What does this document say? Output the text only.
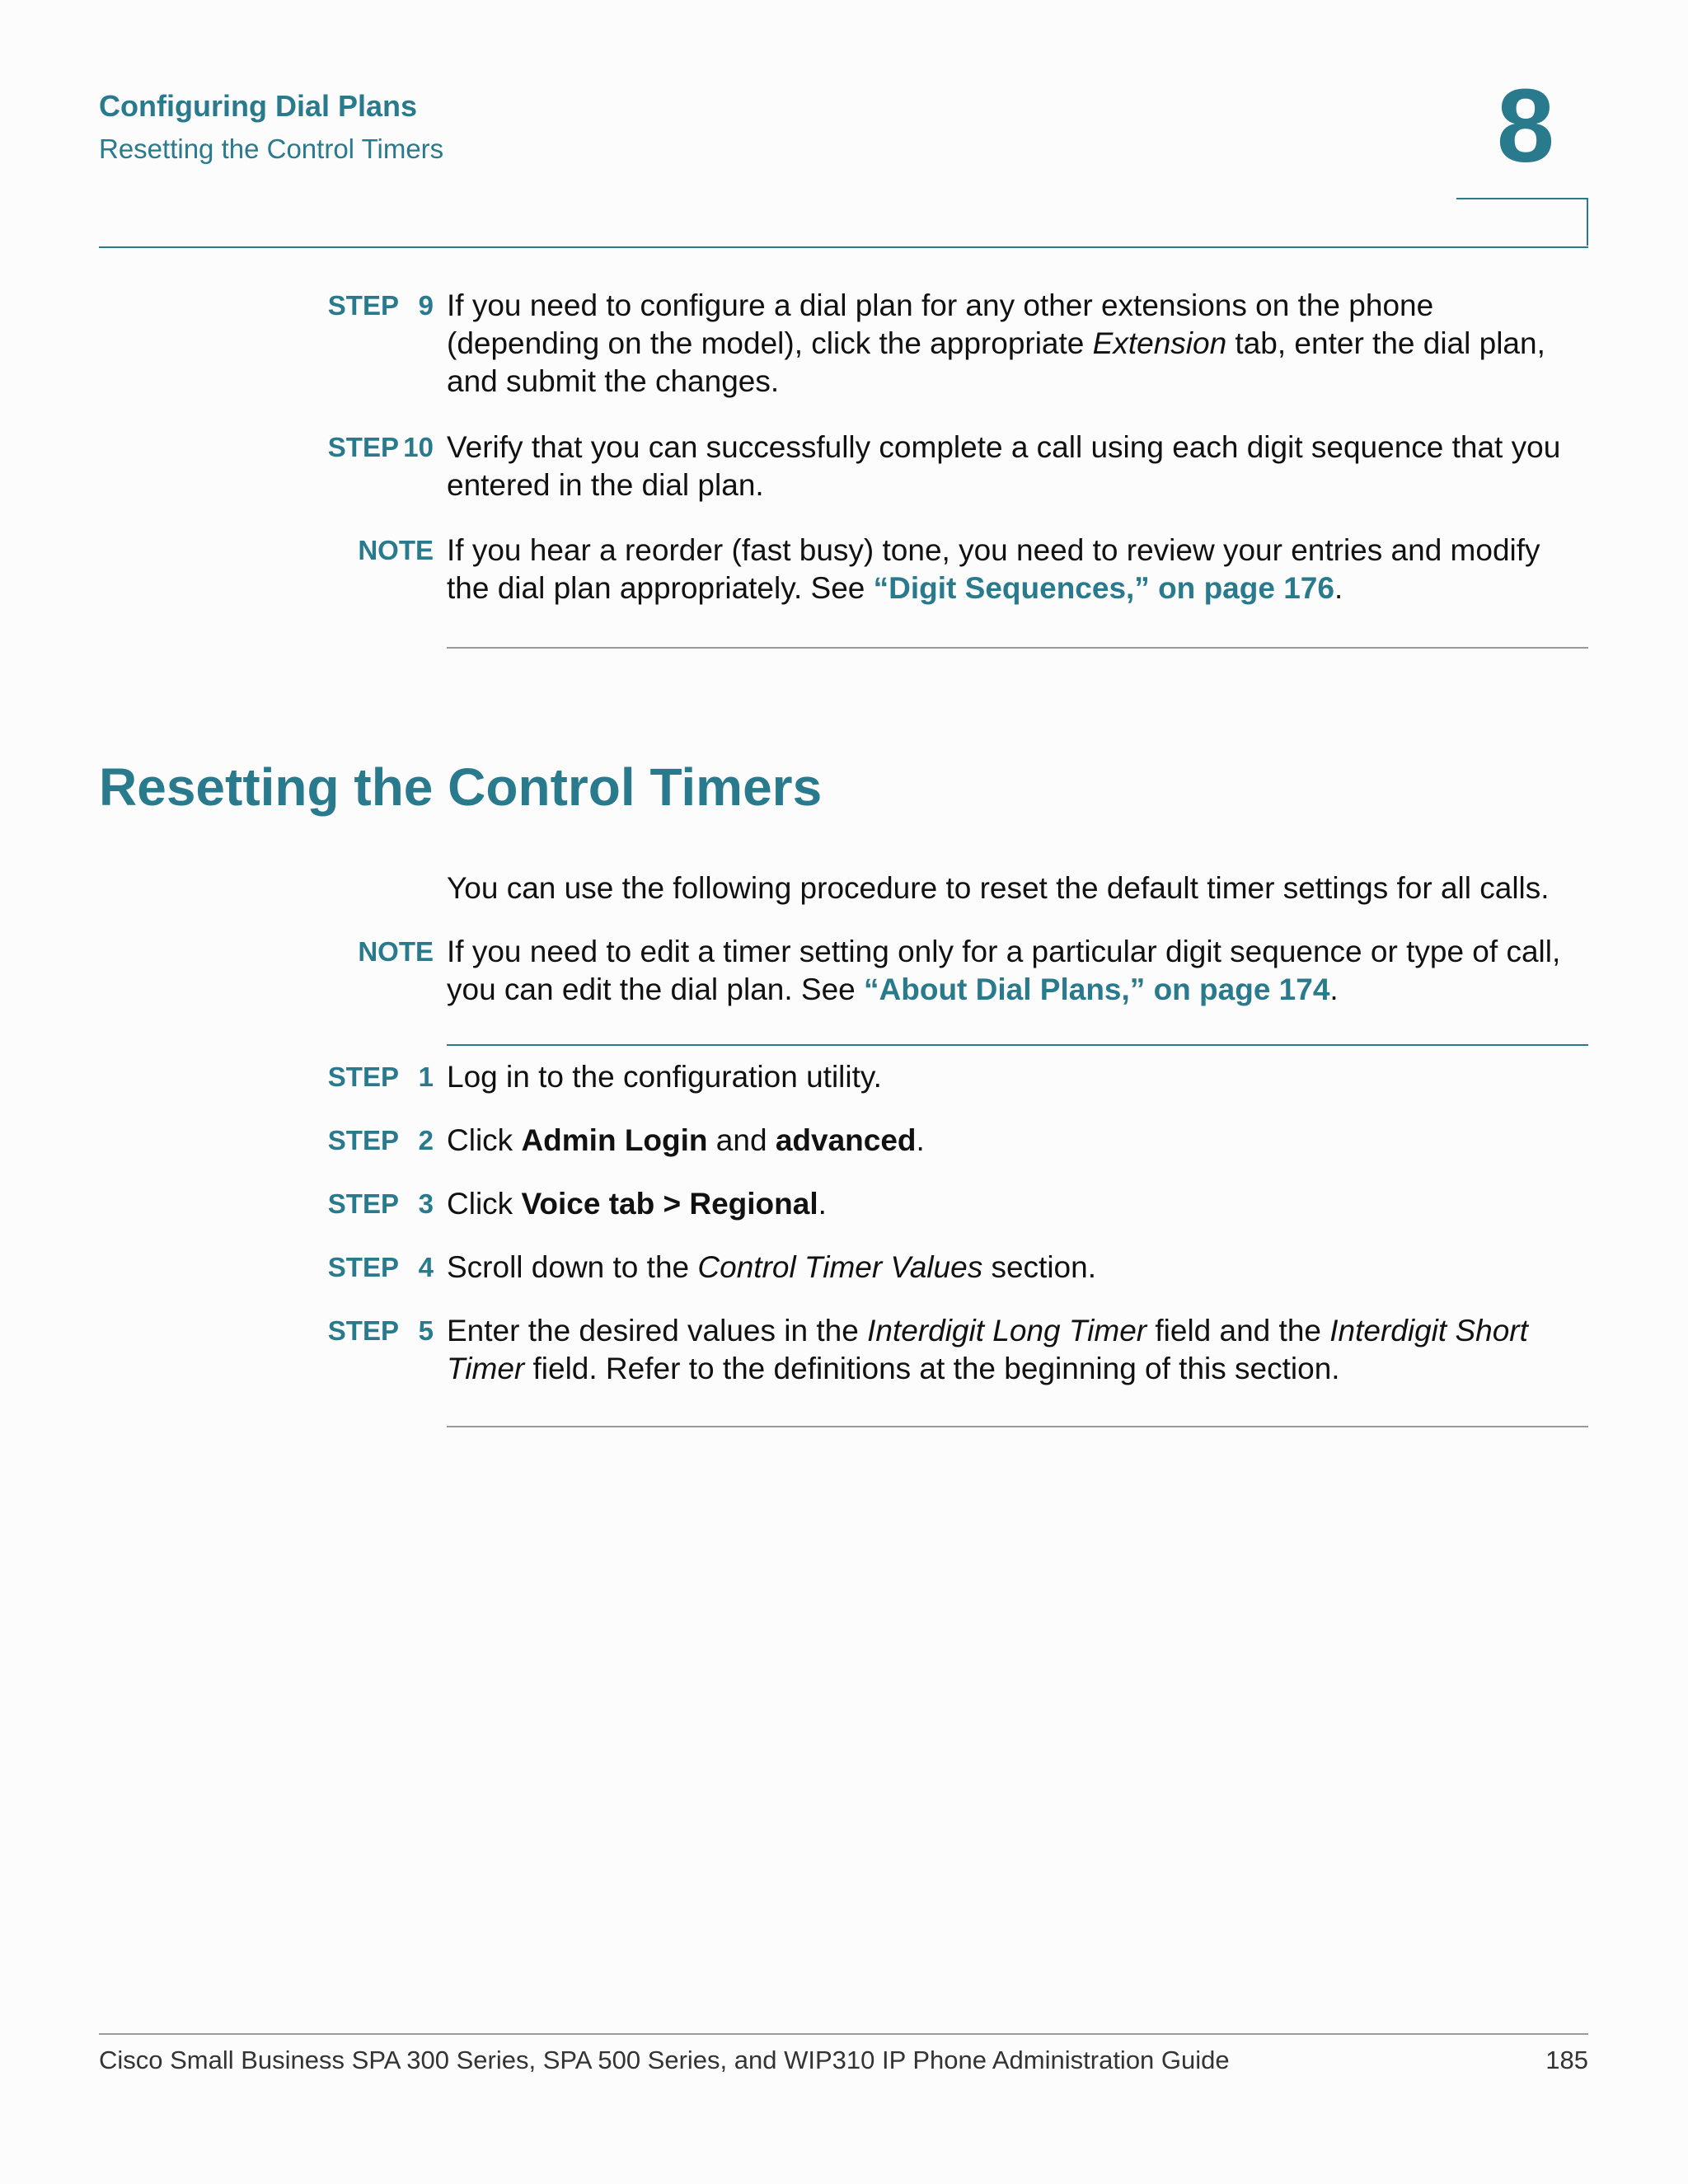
Configuring Dial Plans
Resetting the Control Timers	8
STEP 9 If you need to configure a dial plan for any other extensions on the phone (depending on the model), click the appropriate Extension tab, enter the dial plan, and submit the changes.
STEP 10 Verify that you can successfully complete a call using each digit sequence that you entered in the dial plan.
NOTE If you hear a reorder (fast busy) tone, you need to review your entries and modify the dial plan appropriately. See “Digit Sequences,” on page 176.
Resetting the Control Timers
You can use the following procedure to reset the default timer settings for all calls.
NOTE If you need to edit a timer setting only for a particular digit sequence or type of call, you can edit the dial plan. See “About Dial Plans,” on page 174.
STEP 1 Log in to the configuration utility.
STEP 2 Click Admin Login and advanced.
STEP 3 Click Voice tab > Regional.
STEP 4 Scroll down to the Control Timer Values section.
STEP 5 Enter the desired values in the Interdigit Long Timer field and the Interdigit Short Timer field. Refer to the definitions at the beginning of this section.
Cisco Small Business SPA 300 Series, SPA 500 Series, and WIP310 IP Phone Administration Guide	185
